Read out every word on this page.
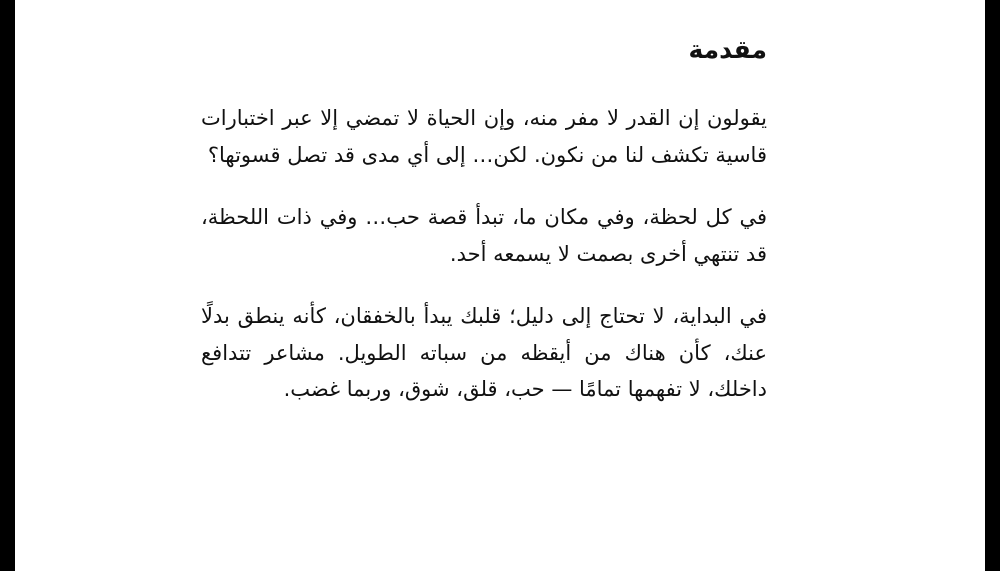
مقدمة

يقولون إن القدر لا مفر منه، وإن الحياة لا تمضي إلا عبر اختبارات قاسية تكشف لنا من نكون. لكن… إلى أي مدى قد تصل قسوتها؟

في كل لحظة، وفي مكان ما، تبدأ قصة حب… وفي ذات اللحظة، قد تنتهي أخرى بصمت لا يسمعه أحد.

في البداية، لا تحتاج إلى دليل؛ قلبك يبدأ بالخفقان، كأنه ينطق بدلًا عنك، كأن هناك من أيقظه من سباته الطويل. مشاعر تتدافع داخلك، لا تفهمها تمامًا — حب، قلق، شوق، وربما غضب.
